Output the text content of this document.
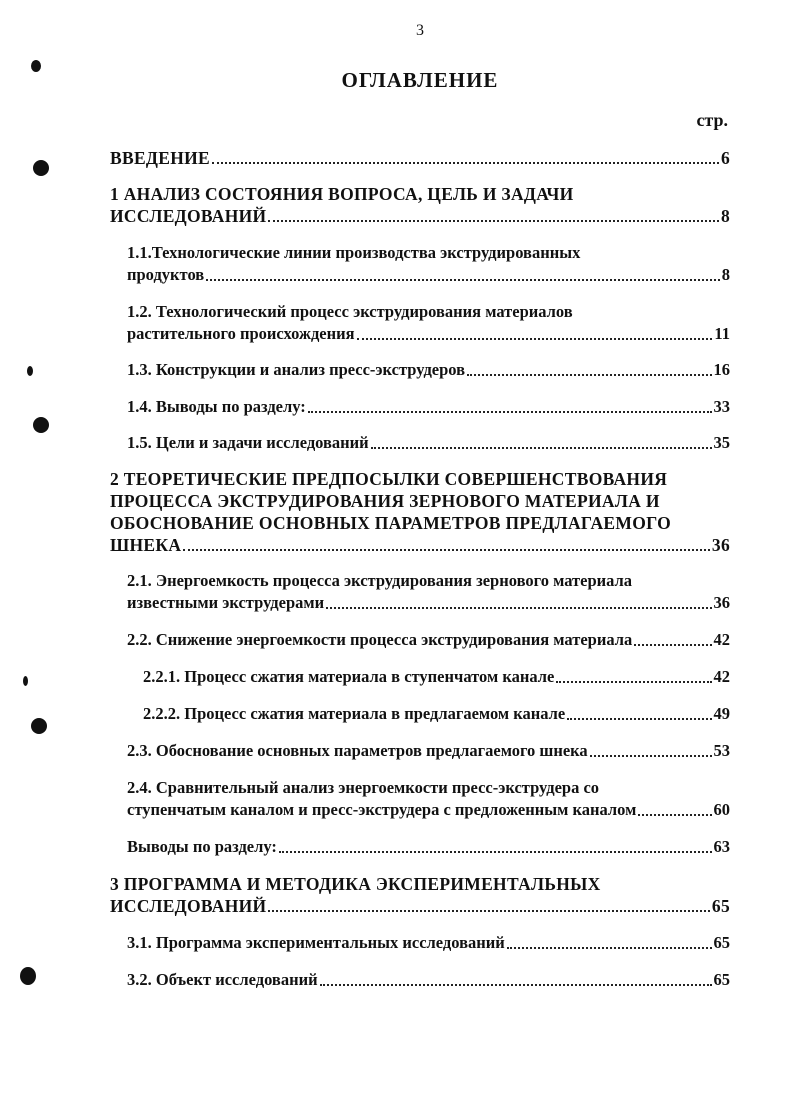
3
ОГЛАВЛЕНИЕ
стр.
ВВЕДЕНИЕ	6
1 АНАЛИЗ СОСТОЯНИЯ ВОПРОСА, ЦЕЛЬ И ЗАДАЧИ
ИССЛЕДОВАНИЙ	8
1.1.Технологические линии производства экструдированных
продуктов	8
1.2. Технологический процесс экструдирования материалов
растительного происхождения	11
1.3. Конструкции и анализ пресс-экструдеров	16
1.4. Выводы по разделу:	33
1.5. Цели и задачи исследований	35
2 ТЕОРЕТИЧЕСКИЕ ПРЕДПОСЫЛКИ СОВЕРШЕНСТВОВАНИЯ
ПРОЦЕССА ЭКСТРУДИРОВАНИЯ ЗЕРНОВОГО МАТЕРИАЛА И
ОБОСНОВАНИЕ ОСНОВНЫХ ПАРАМЕТРОВ ПРЕДЛАГАЕМОГО
ШНЕКА	36
2.1. Энергоемкость процесса экструдирования зернового материала
известными экструдерами	36
2.2. Снижение энергоемкости процесса экструдирования материала	42
2.2.1. Процесс сжатия материала в ступенчатом канале	42
2.2.2. Процесс сжатия материала в предлагаемом канале	49
2.3. Обоснование основных параметров предлагаемого шнека	53
2.4. Сравнительный анализ энергоемкости пресс-экструдера со
ступенчатым каналом и пресс-экструдера с предложенным каналом	60
Выводы по разделу:	63
3 ПРОГРАММА И МЕТОДИКА ЭКСПЕРИМЕНТАЛЬНЫХ
ИССЛЕДОВАНИЙ	65
3.1. Программа экспериментальных исследований	65
3.2. Объект исследований	65
